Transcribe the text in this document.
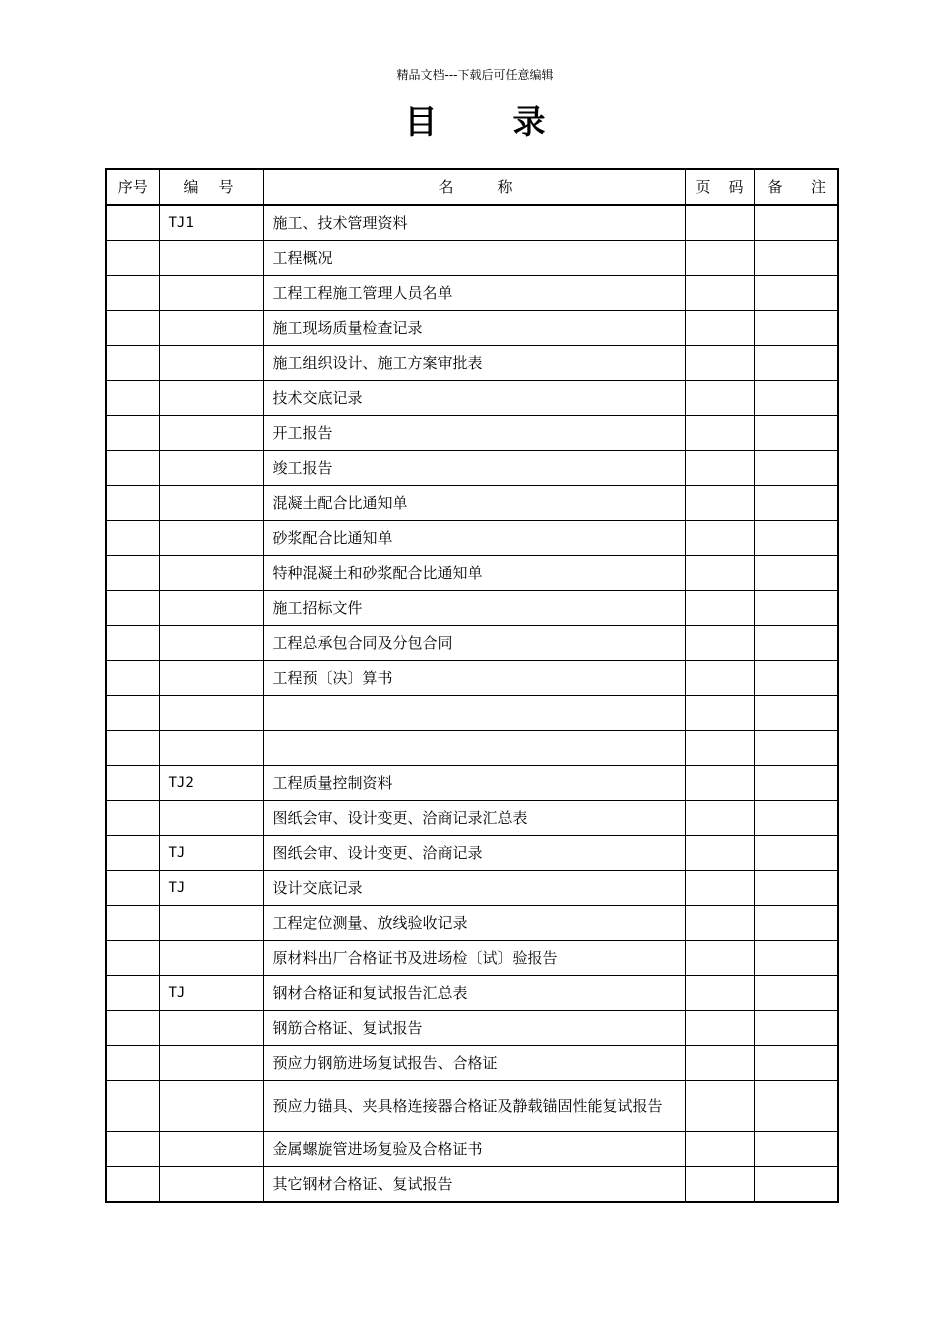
精品文档---下载后可任意编辑
目 录
序号	编 号	名 称	页 码	备 注

	TJ1	施工、技术管理资料		
		工程概况		
		工程工程施工管理人员名单		
		施工现场质量检查记录		
		施工组织设计、施工方案审批表		
		技术交底记录		
		开工报告		
		竣工报告		
		混凝土配合比通知单		
		砂浆配合比通知单		
		特种混凝土和砂浆配合比通知单		
		施工招标文件		
		工程总承包合同及分包合同		
		工程预〔决〕算书		

	TJ2	工程质量控制资料		
		图纸会审、设计变更、洽商记录汇总表		
	TJ	图纸会审、设计变更、洽商记录		
	TJ	设计交底记录		
		工程定位测量、放线验收记录		
		原材料出厂合格证书及进场检〔试〕验报告		
	TJ	钢材合格证和复试报告汇总表		
		钢筋合格证、复试报告		
		预应力钢筋进场复试报告、合格证		
		预应力锚具、夹具格连接器合格证及静载锚固性能复试报告		
		金属螺旋管进场复验及合格证书		
		其它钢材合格证、复试报告		
